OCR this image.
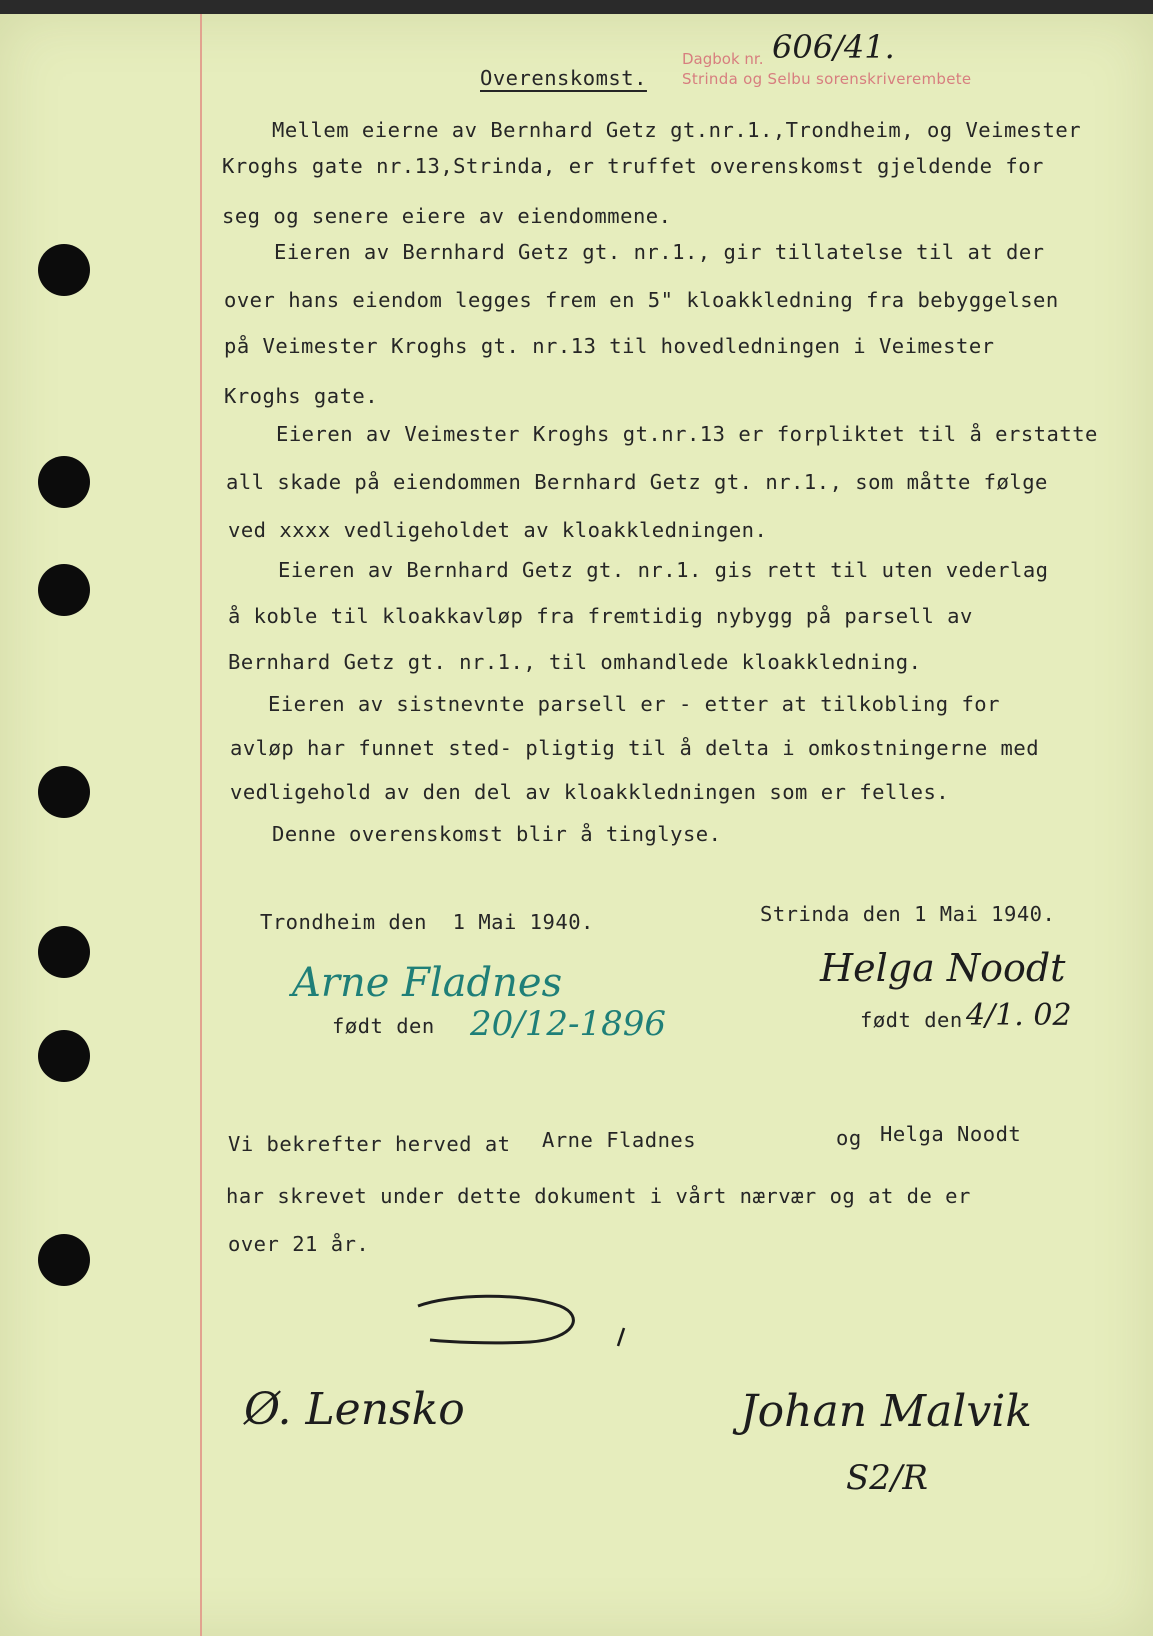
Dagbok nr.
Strinda og Selbu sorenskriverembete
606/41.
Overenskomst.
Mellem eierne av Bernhard Getz gt.nr.1.,Trondheim, og Veimester
Kroghs gate nr.13,Strinda, er truffet overenskomst gjeldende for
seg og senere eiere av eiendommene.
Eieren av Bernhard Getz gt. nr.1., gir tillatelse til at der
over hans eiendom legges frem en 5" kloakkledning fra bebyggelsen
på Veimester Kroghs gt. nr.13 til hovedledningen i Veimester
Kroghs gate.
Eieren av Veimester Kroghs gt.nr.13 er forpliktet til å erstatte
all skade på eiendommen Bernhard Getz gt. nr.1., som måtte følge
ved xxxx vedligeholdet av kloakkledningen.
Eieren av Bernhard Getz gt. nr.1. gis rett til uten vederlag
å koble til kloakkavløp fra fremtidig nybygg på parsell av
Bernhard Getz gt. nr.1., til omhandlede kloakkledning.
Eieren av sistnevnte parsell er - etter at tilkobling for
avløp har funnet sted- pligtig til å delta i omkostningerne med
vedligehold av den del av kloakkledningen som er felles.
Denne overenskomst blir å tinglyse.
Trondheim den  1 Mai 1940.	Strinda den 1 Mai 1940.
Arne Fladnes
født den 20/12-1896
Helga Noodt
født den 4/1. 02
Vi bekrefter herved at Arne Fladnes	og Helga Noodt
har skrevet under dette dokument i vårt nærvær og at de er
over 21 år.
Ø. Lensko	Johan Malvik
S2/R
